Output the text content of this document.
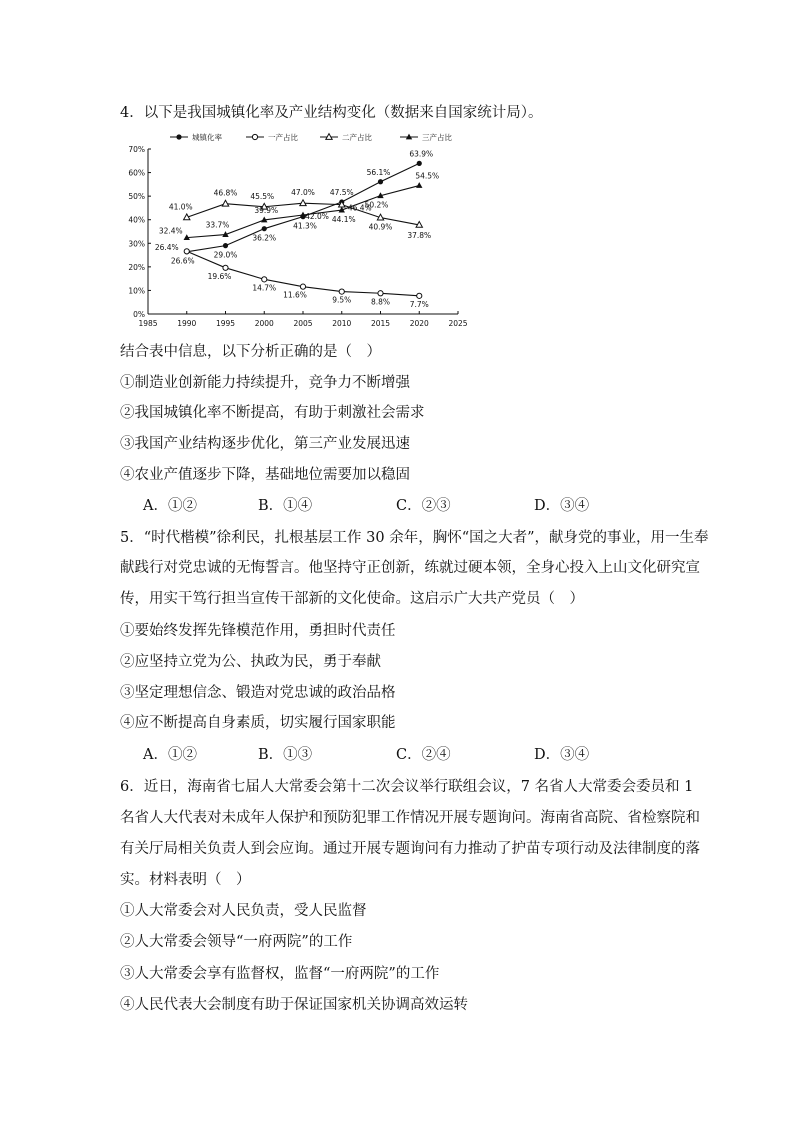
4．以下是我国城镇化率及产业结构变化（数据来自国家统计局）。
0%
10%
20%
30%
40%
50%
60%
70%
1985	1990	1995	2000	2005	2010	2015	2020	2025
城镇化率	一产占比	二产占比	三产占比
26.4%
29.0%
36.2%
41.3%
47.5%
56.1%
63.9%
26.6%
19.6%
14.7%
11.6%
9.5%	8.8%	7.7%
41.0%
46.8% 45.5% 47.0%
46.4%
40.9%
37.8%
32.4%
33.7%
39.9%
42.0% 44.1%
50.2%
54.5%
结合表中信息，以下分析正确的是（　）
①制造业创新能力持续提升，竞争力不断增强
②我国城镇化率不断提高，有助于刺激社会需求
③我国产业结构逐步优化，第三产业发展迅速
④农业产值逐步下降，基础地位需要加以稳固
A．①②	B．①④	C．②③	D．③④
5．“时代楷模”徐利民，扎根基层工作 30 余年，胸怀“国之大者”，献身党的事业，用一生奉
献践行对党忠诚的无悔誓言。他坚持守正创新，练就过硬本领，全身心投入上山文化研究宣
传，用实干笃行担当宣传干部新的文化使命。这启示广大共产党员（　）
①要始终发挥先锋模范作用，勇担时代责任
②应坚持立党为公、执政为民，勇于奉献
③坚定理想信念、锻造对党忠诚的政治品格
④应不断提高自身素质，切实履行国家职能
A．①②	B．①③	C．②④	D．③④
6．近日，海南省七届人大常委会第十二次会议举行联组会议，7 名省人大常委会委员和 1
名省人大代表对未成年人保护和预防犯罪工作情况开展专题询问。海南省高院、省检察院和
有关厅局相关负责人到会应询。通过开展专题询问有力推动了护苗专项行动及法律制度的落
实。材料表明（　）
①人大常委会对人民负责，受人民监督
②人大常委会领导“一府两院”的工作
③人大常委会享有监督权，监督“一府两院”的工作
④人民代表大会制度有助于保证国家机关协调高效运转
